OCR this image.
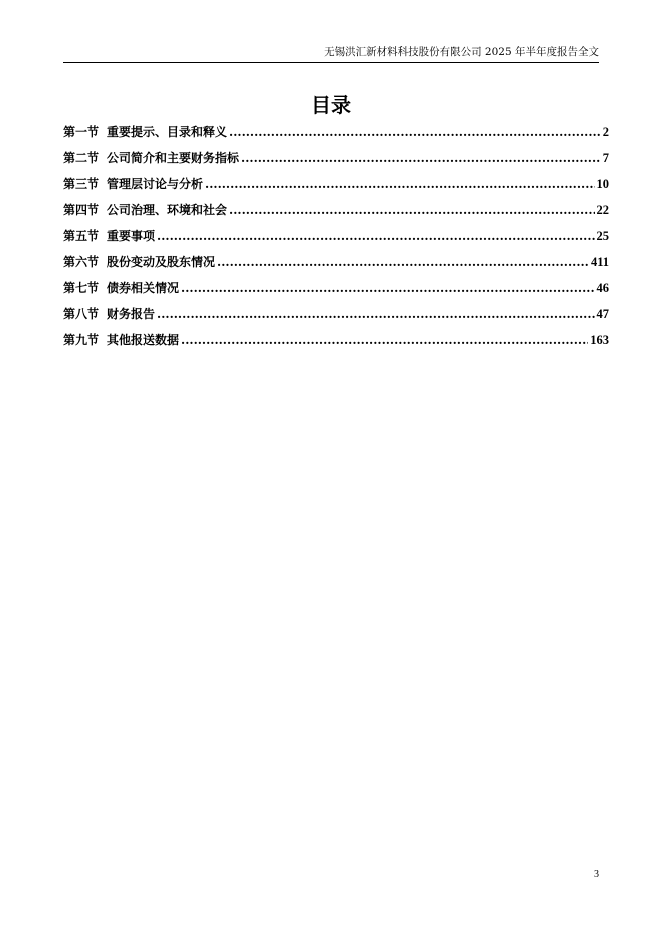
无锡洪汇新材料科技股份有限公司 2025 年半年度报告全文
目录
第一节 重要提示、目录和释义 .....	2
第二节 公司简介和主要财务指标 .....	7
第三节 管理层讨论与分析 .....	10
第四节 公司治理、环境和社会 .....	22
第五节 重要事项 .....	25
第六节 股份变动及股东情况 .....	411
第七节 债券相关情况 .....	46
第八节 财务报告 .....	47
第九节 其他报送数据 .....	163
3
